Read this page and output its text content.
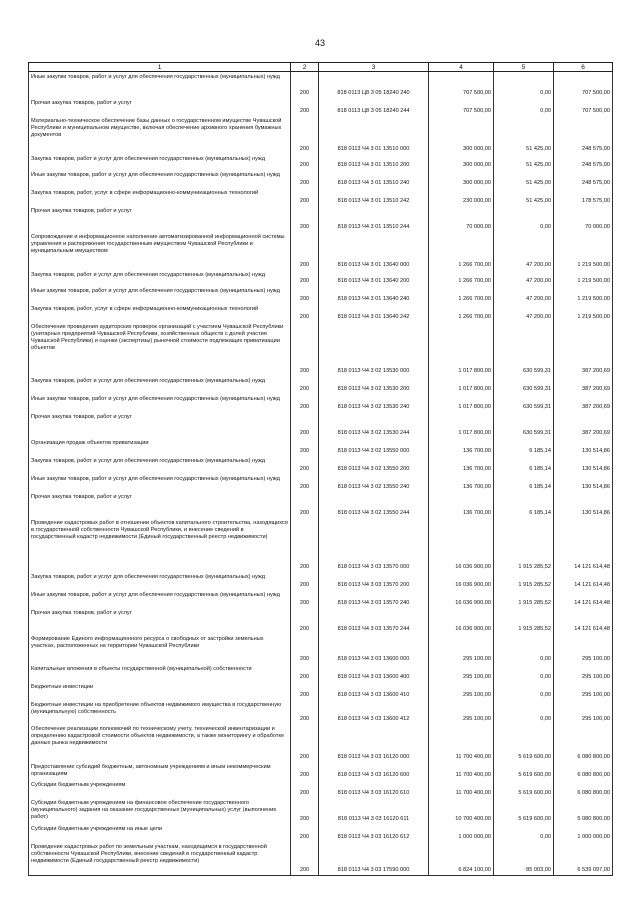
43
1	2	3	4	5	6
Иные закупки товаров, работ и услуг для обеспечения государственных (муниципальных) нужд	200	818 0113 Ц8 3 05 18240 240	707 500,00	0,00	707 500,00
Прочая закупка товаров, работ и услуг	200	818 0113 Ц8 3 05 18240 244	707 500,00	0,00	707 500,00
Материально-техническое обеспечение базы данных о государственном имуществе Чувашской Республики и муниципальном имуществе, включая обеспечение архивного хранения бумажных документов	200	818 0113 Ч4 3 01 13510 000	300 000,00	51 425,00	248 575,00
Закупка товаров, работ и услуг для обеспечения государственных (муниципальных) нужд	200	818 0113 Ч4 3 01 13510 200	300 000,00	51 425,00	248 575,00
Иные закупки товаров, работ и услуг для обеспечения государственных (муниципальных) нужд	200	818 0113 Ч4 3 01 13510 240	300 000,00	51 425,00	248 575,00
Закупка товаров, работ, услуг в сфере информационно-коммуникационных технологий	200	818 0113 Ч4 3 01 13510 242	230 000,00	51 425,00	178 575,00
Прочая закупка товаров, работ и услуг	200	818 0113 Ч4 3 01 13510 244	70 000,00	0,00	70 000,00
Сопровождение и информационное наполнение автоматизированной информационной системы управления и распоряжения государственным имуществом Чувашской Республики и муниципальным имуществом	200	818 0113 Ч4 3 01 13640 000	1 266 700,00	47 200,00	1 219 500,00
Закупка товаров, работ и услуг для обеспечения государственных (муниципальных) нужд	200	818 0113 Ч4 3 01 13640 200	1 266 700,00	47 200,00	1 219 500,00
Иные закупки товаров, работ и услуг для обеспечения государственных (муниципальных) нужд	200	818 0113 Ч4 3 01 13640 240	1 266 700,00	47 200,00	1 219 500,00
Закупка товаров, работ, услуг в сфере информационно-коммуникационных технологий	200	818 0113 Ч4 3 01 13640 242	1 266 700,00	47 200,00	1 219 500,00
Обеспечение проведения аудиторских проверок организаций с участием Чувашской Республики (унитарных предприятий Чувашской Республики, хозяйственных обществ с долей участия Чувашской Республики) и оценки (экспертизы) рыночной стоимости подлежащих приватизации объектов	200	818 0113 Ч4 3 02 13530 000	1 017 800,00	630 599,31	387 200,69
Закупка товаров, работ и услуг для обеспечения государственных (муниципальных) нужд	200	818 0113 Ч4 3 02 13530 200	1 017 800,00	630 599,31	387 200,69
Иные закупки товаров, работ и услуг для обеспечения государственных (муниципальных) нужд	200	818 0113 Ч4 3 02 13530 240	1 017 800,00	630 599,31	387 200,69
Прочая закупка товаров, работ и услуг	200	818 0113 Ч4 3 02 13530 244	1 017 800,00	630 599,31	387 200,69
Организация продаж объектов приватизации	200	818 0113 Ч4 3 02 13550 000	136 700,00	6 185,14	130 514,86
Закупка товаров, работ и услуг для обеспечения государственных (муниципальных) нужд	200	818 0113 Ч4 3 02 13550 200	136 700,00	6 185,14	130 514,86
Иные закупки товаров, работ и услуг для обеспечения государственных (муниципальных) нужд	200	818 0113 Ч4 3 02 13550 240	136 700,00	6 185,14	130 514,86
Прочая закупка товаров, работ и услуг	200	818 0113 Ч4 3 02 13550 244	136 700,00	6 185,14	130 514,86
Проведение кадастровых работ в отношении объектов капитального строительства, находящихся в государственной собственности Чувашской Республики, и внесение сведений в государственный кадастр недвижимости (Единый государственный реестр недвижимости)	200	818 0113 Ч4 3 03 13570 000	16 036 900,00	1 915 285,52	14 121 614,48
Закупка товаров, работ и услуг для обеспечения государственных (муниципальных) нужд	200	818 0113 Ч4 3 03 13570 200	16 036 900,00	1 915 285,52	14 121 614,48
Иные закупки товаров, работ и услуг для обеспечения государственных (муниципальных) нужд	200	818 0113 Ч4 3 03 13570 240	16 036 900,00	1 915 285,52	14 121 614,48
Прочая закупка товаров, работ и услуг	200	818 0113 Ч4 3 03 13570 244	16 036 900,00	1 915 285,52	14 121 614,48
Формирование Единого информационного ресурса о свободных от застройки земельных участках, расположенных на территории Чувашской Республики	200	818 0113 Ч4 3 03 13600 000	295 100,00	0,00	295 100,00
Капитальные вложения в объекты государственной (муниципальной) собственности	200	818 0113 Ч4 3 03 13600 400	295 100,00	0,00	295 100,00
Бюджетные инвестиции	200	818 0113 Ч4 3 03 13600 410	295 100,00	0,00	295 100,00
Бюджетные инвестиции на приобретение объектов недвижимого имущества в государственную (муниципальную) собственность	200	818 0113 Ч4 3 03 13600 412	295 100,00	0,00	295 100,00
Обеспечение реализации полномочий по техническому учету, технической инвентаризации и определению кадастровой стоимости объектов недвижимости, а также мониторингу и обработке данных рынка недвижимости	200	818 0113 Ч4 3 03 16120 000	11 700 400,00	5 619 600,00	6 080 800,00
Предоставление субсидий бюджетным, автономным учреждениям и иным некоммерческим организациям	200	818 0113 Ч4 3 03 16120 600	11 700 400,00	5 619 600,00	6 080 800,00
Субсидии бюджетным учреждениям	200	818 0113 Ч4 3 03 16120 610	11 700 400,00	5 619 600,00	6 080 800,00
Субсидии бюджетным учреждениям на финансовое обеспечение государственного (муниципального) задания на оказание государственных (муниципальных) услуг (выполнение работ)	200	818 0113 Ч4 3 03 16120 611	10 700 400,00	5 619 600,00	5 080 800,00
Субсидии бюджетным учреждениям на иные цели	200	818 0113 Ч4 3 03 16120 612	1 000 000,00	0,00	1 000 000,00
Проведение кадастровых работ по земельным участкам, находящимся в государственной собственности Чувашской Республики, внесение сведений в государственный кадастр недвижимости (Единый государственный реестр недвижимости)	200	818 0113 Ч4 3 03 17590 000	6 824 100,00	85 003,00	6 539 097,00
